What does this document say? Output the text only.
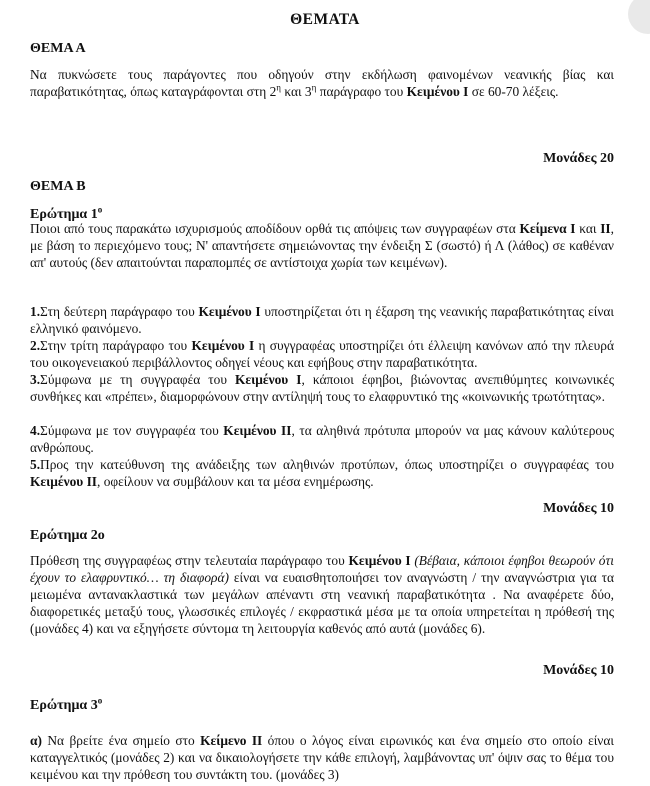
ΘΕΜΑΤΑ
ΘΕΜΑ Α
Να πυκνώσετε τους παράγοντες που οδηγούν στην εκδήλωση φαινομένων νεανικής βίας και παραβατικότητας, όπως καταγράφονται στη $2^\eta$ και $3^\eta$ παράγραφο του Κειμένου Ι σε 60-70 λέξεις.
Μονάδες 20
ΘΕΜΑ Β
Ερώτημα $1^o$
Ποιοι από τους παρακάτω ισχυρισμούς αποδίδουν ορθά τις απόψεις των συγγραφέων στα Κείμενα Ι και ΙΙ, με βάση το περιεχόμενο τους; Ν' απαντήσετε σημειώνοντας την ένδειξη Σ (σωστό) ή Λ (λάθος) σε καθέναν απ' αυτούς (δεν απαιτούνται παραπομπές σε αντίστοιχα χωρία των κειμένων).
1.Στη δεύτερη παράγραφο του Κειμένου Ι υποστηρίζεται ότι η έξαρση της νεανικής παραβατικότητας είναι ελληνικό φαινόμενο.
2.Στην τρίτη παράγραφο του Κειμένου Ι η συγγραφέας υποστηρίζει ότι έλλειψη κανόνων από την πλευρά του οικογενειακού περιβάλλοντος οδηγεί νέους και εφήβους στην παραβατικότητα.
3.Σύμφωνα με τη συγγραφέα του Κειμένου Ι, κάποιοι έφηβοι, βιώνοντας ανεπιθύμητες κοινωνικές συνθήκες και «πρέπει», διαμορφώνουν στην αντίληψή τους το ελαφρυντικό της «κοινωνικής τρωτότητας».
4.Σύμφωνα με τον συγγραφέα του Κειμένου ΙΙ, τα αληθινά πρότυπα μπορούν να μας κάνουν καλύτερους ανθρώπους.
5.Προς την κατεύθυνση της ανάδειξης των αληθινών προτύπων, όπως υποστηρίζει ο συγγραφέας του Κειμένου ΙΙ, οφείλουν να συμβάλουν και τα μέσα ενημέρωσης.
Μονάδες 10
Ερώτημα 2ο
Πρόθεση της συγγραφέως στην τελευταία παράγραφο του Κειμένου Ι (Βέβαια, κάποιοι έφηβοι θεωρούν ότι έχουν το ελαφρυντικό… τη διαφορά) είναι να ευαισθητοποιήσει τον αναγνώστη / την αναγνώστρια για τα μειωμένα αντανακλαστικά των μεγάλων απέναντι στη νεανική παραβατικότητα . Να αναφέρετε δύο, διαφορετικές μεταξύ τους, γλωσσικές επιλογές / εκφραστικά μέσα με τα οποία υπηρετείται η πρόθεσή της (μονάδες 4) και να εξηγήσετε σύντομα τη λειτουργία καθενός από αυτά (μονάδες 6).
Μονάδες 10
Ερώτημα $3^o$
α) Να βρείτε ένα σημείο στο Κείμενο ΙΙ όπου ο λόγος είναι ειρωνικός και ένα σημείο στο οποίο είναι καταγγελτικός (μονάδες 2) και να δικαιολογήσετε την κάθε επιλογή, λαμβάνοντας υπ' όψιν σας το θέμα του κειμένου και την πρόθεση του συντάκτη του. (μονάδες 3)
